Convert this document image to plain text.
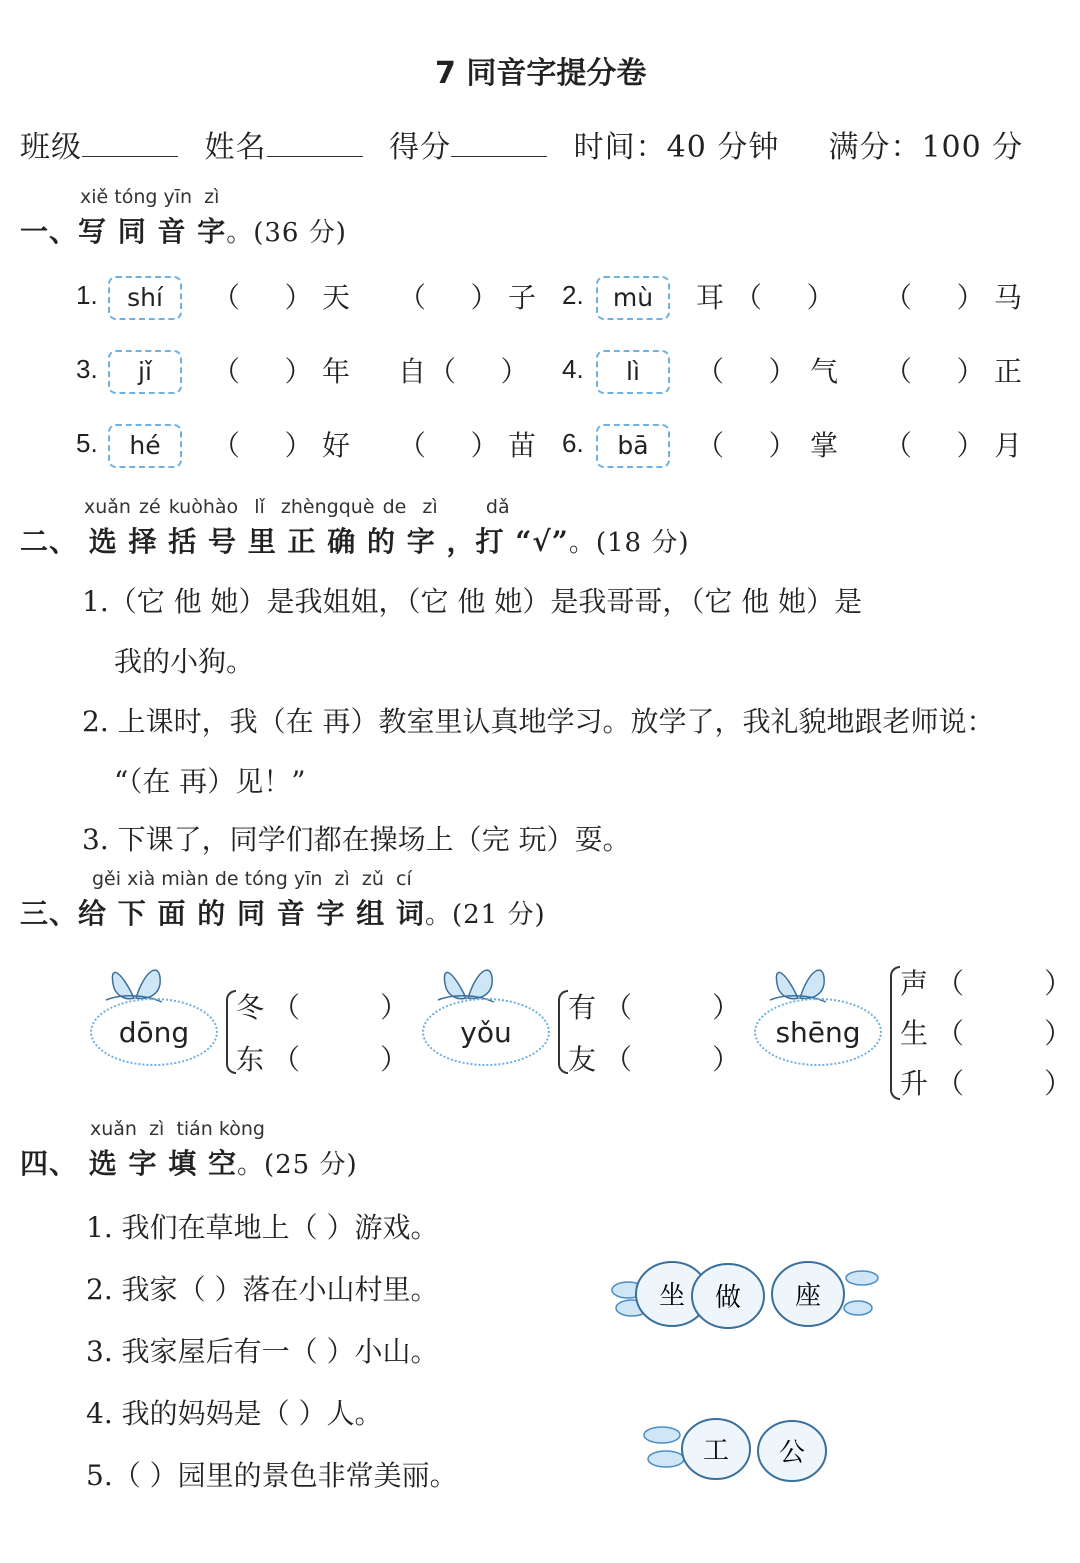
7 同音字提分卷
班级	姓名	得分	时间：40 分钟 满分：100 分
xiě tóng yīn zì
一、写 同 音 字。(36 分)
1.	shí	（     ） 天 （     ） 子 2.	mù	耳 （     ） （     ） 马
3.	jǐ	（     ） 年 自 （     ） 4.	lì	（     ） 气 （     ） 正
5.	hé	（     ） 好 （     ） 苗 6.	bā	（     ） 掌 （     ） 月
xuǎn zé kuòhào lǐ zhèngquè de zì	dǎ
二、 选 择 括 号 里 正 确 的 字 ，打 “√”。(18 分)
1.（它 他 她）是我姐姐，（它 他 她）是我哥哥，（它 他 她）是
我的小狗。
2. 上课时，我（在 再）教室里认真地学习。放学了，我礼貌地跟老师说：
“（在 再）见！”
3. 下课了，同学们都在操场上（完 玩）耍。
gěi xià miàn de tóng yīn zì zǔ cí
三、给 下 面 的 同 音 字 组 词。(21 分)
dōng
冬 （         ）
东 （         ）
yǒu
有 （         ）
友 （         ）
shēng
声 （         ）
生 （         ）
升 （         ）
xuǎn zì tián kòng
四、 选 字 填 空。(25 分)
1. 我们在草地上（ ）游戏。
2. 我家（ ）落在小山村里。
3. 我家屋后有一（ ）小山。
4. 我的妈妈是（ ）人。
5.（ ）园里的景色非常美丽。
坐 做 座
工 公
